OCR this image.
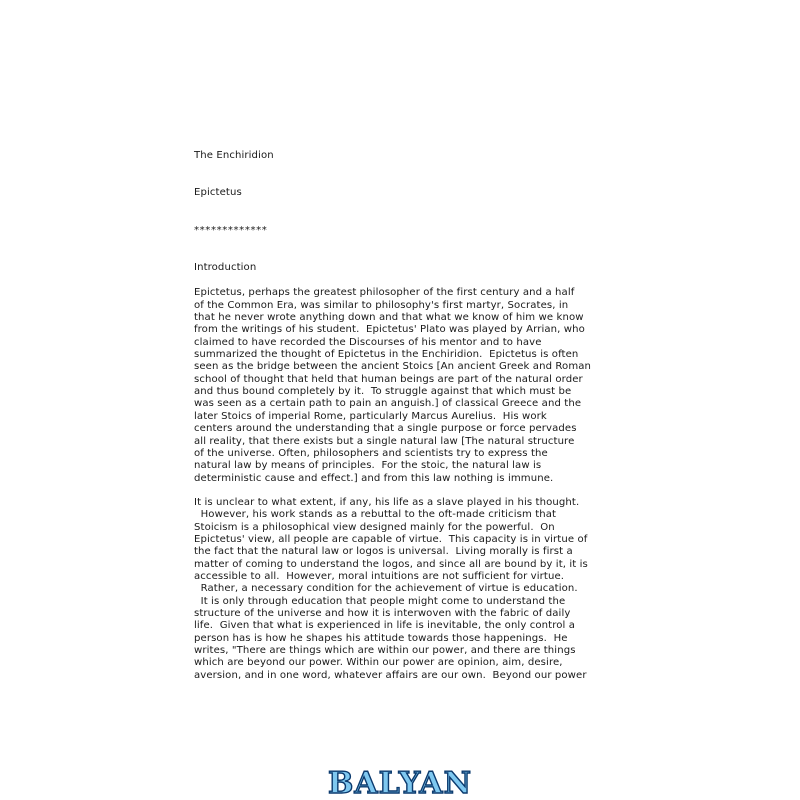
The Enchiridion

Epictetus

*************

Introduction

Epictetus, perhaps the greatest philosopher of the first century and a half
of the Common Era, was similar to philosophy's first martyr, Socrates, in
that he never wrote anything down and that what we know of him we know
from the writings of his student.  Epictetus' Plato was played by Arrian, who
claimed to have recorded the Discourses of his mentor and to have
summarized the thought of Epictetus in the Enchiridion.  Epictetus is often
seen as the bridge between the ancient Stoics [An ancient Greek and Roman
school of thought that held that human beings are part of the natural order
and thus bound completely by it.  To struggle against that which must be
was seen as a certain path to pain an anguish.] of classical Greece and the
later Stoics of imperial Rome, particularly Marcus Aurelius.  His work
centers around the understanding that a single purpose or force pervades
all reality, that there exists but a single natural law [The natural structure
of the universe. Often, philosophers and scientists try to express the
natural law by means of principles.  For the stoic, the natural law is
deterministic cause and effect.] and from this law nothing is immune.

It is unclear to what extent, if any, his life as a slave played in his thought.
However, his work stands as a rebuttal to the oft-made criticism that
Stoicism is a philosophical view designed mainly for the powerful.  On
Epictetus' view, all people are capable of virtue.  This capacity is in virtue of
the fact that the natural law or logos is universal.  Living morally is first a
matter of coming to understand the logos, and since all are bound by it, it is
accessible to all.  However, moral intuitions are not sufficient for virtue.
Rather, a necessary condition for the achievement of virtue is education.
It is only through education that people might come to understand the
structure of the universe and how it is interwoven with the fabric of daily
life.  Given that what is experienced in life is inevitable, the only control a
person has is how he shapes his attitude towards those happenings.  He
writes, "There are things which are within our power, and there are things
which are beyond our power. Within our power are opinion, aim, desire,
aversion, and in one word, whatever affairs are our own.  Beyond our power

BALYAN
